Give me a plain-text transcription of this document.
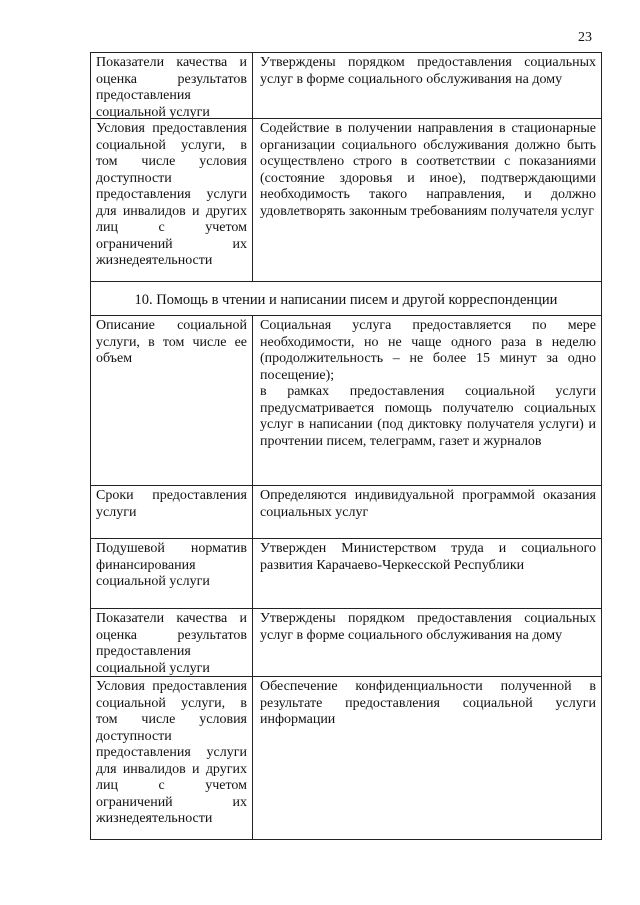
23
Показатели качества и оценка результатов предоставления социальной услуги
Утверждены порядком предоставления социальных услуг в форме социального обслуживания на дому
Условия предоставления социальной услуги, в том числе условия доступности предоставления услуги для инвалидов и других лиц с учетом ограничений их жизнедеятельности
Содействие в получении направления в стационарные организации социального обслуживания должно быть осуществлено строго в соответствии с показаниями (состояние здоровья и иное), подтверждающими необходимость такого направления, и должно удовлетворять законным требованиям получателя услуг
10. Помощь в чтении и написании писем и другой корреспонденции
Описание социальной услуги, в том числе ее объем
Социальная услуга предоставляется по мере необходимости, но не чаще одного раза в неделю (продолжительность – не более 15 минут за одно посещение);
в рамках предоставления социальной услуги предусматривается помощь получателю социальных услуг в написании (под диктовку получателя услуги) и прочтении писем, телеграмм, газет и журналов
Сроки предоставления услуги
Определяются индивидуальной программой оказания социальных услуг
Подушевой норматив финансирования социальной услуги
Утвержден Министерством труда и социального развития Карачаево-Черкесской Республики
Показатели качества и оценка результатов предоставления социальной услуги
Утверждены порядком предоставления социальных услуг в форме социального обслуживания на дому
Условия предоставления социальной услуги, в том числе условия доступности предоставления услуги для инвалидов и других лиц с учетом ограничений их жизнедеятельности
Обеспечение конфиденциальности полученной в результате предоставления социальной услуги информации
